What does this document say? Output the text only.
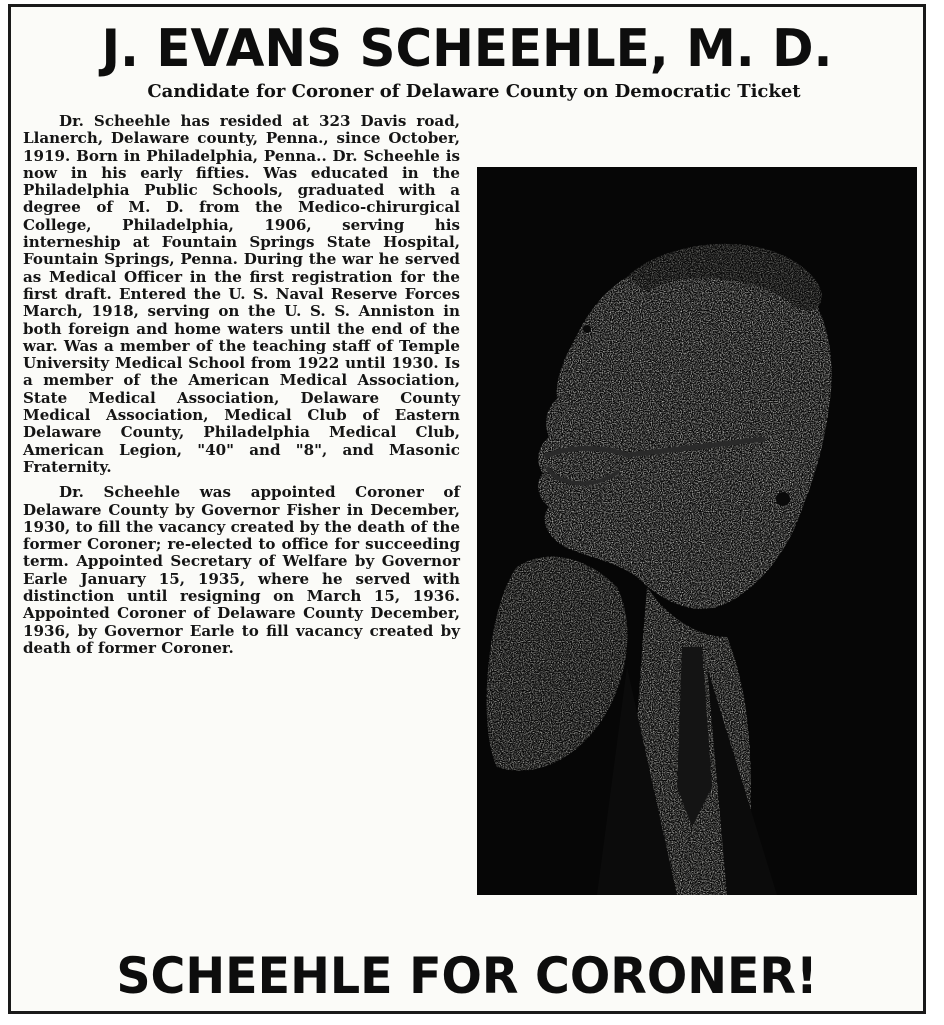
J. EVANS SCHEEHLE, M. D.
Candidate for Coroner of Delaware County on Democratic Ticket

Dr. Scheehle has resided at 323 Davis road, Llanerch, Delaware county, Penna., since October, 1919. Born in Philadelphia, Penna.. Dr. Scheehle is now in his early fifties. Was educated in the Philadelphia Public Schools, graduated with a degree of M. D. from the Medico-chirurgical College, Philadelphia, 1906, serving his interneship at Fountain Springs State Hospital, Fountain Springs, Penna. During the war he served as Medical Officer in the first registration for the first draft. Entered the U. S. Naval Reserve Forces March, 1918, serving on the U. S. S. Anniston in both foreign and home waters until the end of the war. Was a member of the teaching staff of Temple University Medical School from 1922 until 1930. Is a member of the American Medical Association, State Medical Association, Delaware County Medical Association, Medical Club of Eastern Delaware County, Philadelphia Medical Club, American Legion, "40" and "8", and Masonic Fraternity.

Dr. Scheehle was appointed Coroner of Delaware County by Governor Fisher in December, 1930, to fill the vacancy created by the death of the former Coroner; re-elected to office for succeeding term. Appointed Secretary of Welfare by Governor Earle January 15, 1935, where he served with distinction until resigning on March 15, 1936. Appointed Coroner of Delaware County December, 1936, by Governor Earle to fill vacancy created by death of former Coroner.

SCHEEHLE FOR CORONER!
